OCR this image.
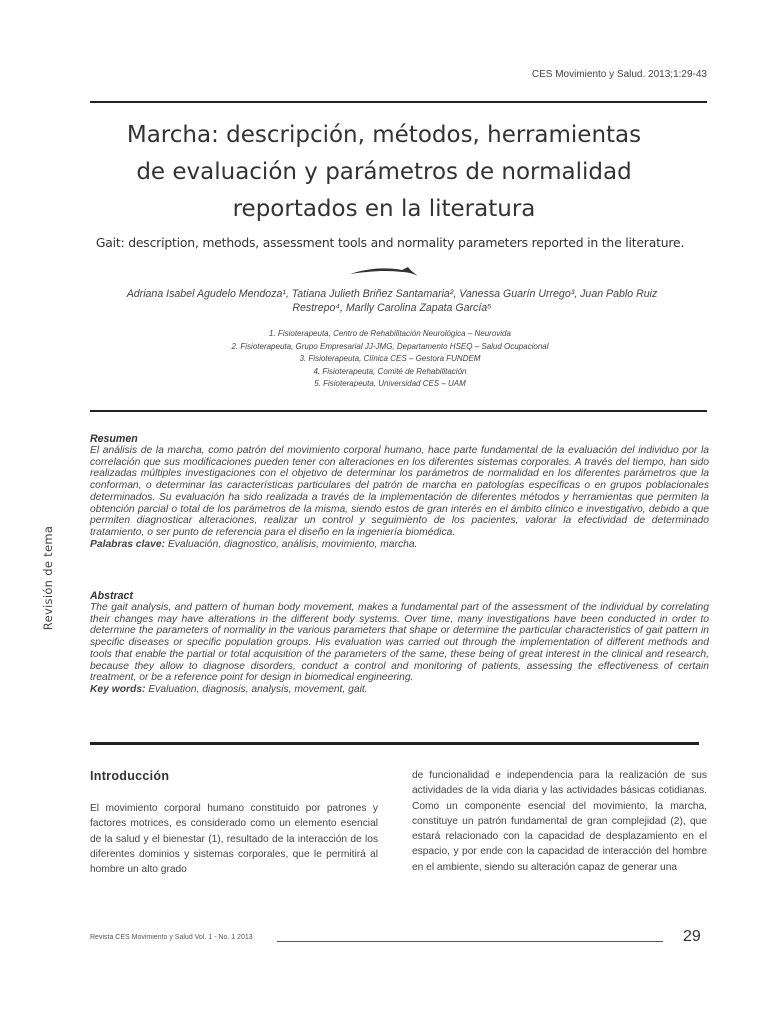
CES Movimiento y Salud. 2013;1:29-43
Marcha: descripción, métodos, herramientas
de evaluación y parámetros de normalidad
reportados en la literatura
Gait: description, methods, assessment tools and normality parameters reported in the literature.
Adriana Isabel Agudelo Mendoza¹, Tatiana Julieth Briñez Santamaria², Vanessa Guarín Urrego³, Juan Pablo Ruiz
Restrepo⁴, Marlly Carolina Zapata García⁵
1. Fisioterapeuta, Centro de Rehabilitación Neurológica – Neurovida
2. Fisioterapeuta, Grupo Empresarial JJ-JMG, Departamento HSEQ – Salud Ocupacional
3. Fisioterapeuta, Clínica CES – Gestora FUNDEM
4. Fisioterapeuta, Comité de Rehabilitación
5. Fisioterapeuta, Universidad CES – UAM
Revisión de tema
Resumen
El análisis de la marcha, como patrón del movimiento corporal humano, hace parte fundamental de la evaluación del individuo por la correlación que sus modificaciones pueden tener con alteraciones en los diferentes sistemas corporales. A través del tiempo, han sido realizadas múltiples investigaciones con el objetivo de determinar los parámetros de normalidad en los diferentes parámetros que la conforman, o determinar las características particulares del patrón de marcha en patologías específicas o en grupos poblacionales determinados. Su evaluación ha sido realizada a través de la implementación de diferentes métodos y herramientas que permiten la obtención parcial o total de los parámetros de la misma, siendo estos de gran interés en el ámbito clínico e investigativo, debido a que permiten diagnosticar alteraciones, realizar un control y seguimiento de los pacientes, valorar la efectividad de determinado tratamiento, o ser punto de referencia para el diseño en la ingeniería biomédica.
Palabras clave: Evaluación, diagnostico, análisis, movimiento, marcha.
Abstract
The gait analysis, and pattern of human body movement, makes a fundamental part of the assessment of the individual by correlating their changes may have alterations in the different body systems. Over time, many investigations have been conducted in order to determine the parameters of normality in the various parameters that shape or determine the particular characteristics of gait pattern in specific diseases or specific population groups. His evaluation was carried out through the implementation of different methods and tools that enable the partial or total acquisition of the parameters of the same, these being of great interest in the clinical and research, because they allow to diagnose disorders, conduct a control and monitoring of patients, assessing the effectiveness of certain treatment, or be a reference point for design in biomedical engineering.
Key words: Evaluation, diagnosis, analysis, movement, gait.
Introducción
El movimiento corporal humano constituido por patrones y factores motrices, es considerado como un elemento esencial de la salud y el bienestar (1), resultado de la interacción de los diferentes dominios y sistemas corporales, que le permitirá al hombre un alto grado
de funcionalidad e independencia para la realización de sus actividades de la vida diaria y las actividades básicas cotidianas. Como un componente esencial del movimiento, la marcha, constituye un patrón fundamental de gran complejidad (2), que estará relacionado con la capacidad de desplazamiento en el espacio, y por ende con la capacidad de interacción del hombre en el ambiente, siendo su alteración capaz de generar una
Revista CES Movimiento y Salud Vol. 1 - No. 1 2013	29
